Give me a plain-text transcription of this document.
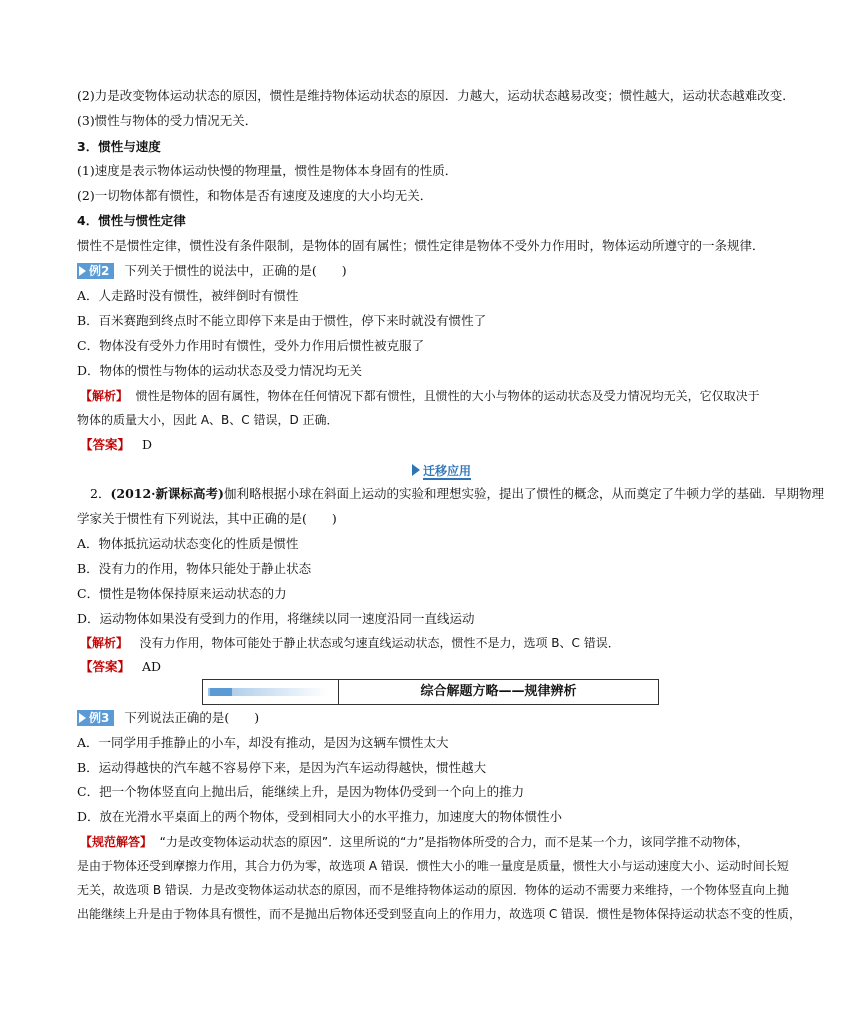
(2)力是改变物体运动状态的原因，惯性是维持物体运动状态的原因．力越大，运动状态越易改变；惯性越大，运动状态越难改变．
(3)惯性与物体的受力情况无关．
3．惯性与速度
(1)速度是表示物体运动快慢的物理量，惯性是物体本身固有的性质．
(2)一切物体都有惯性，和物体是否有速度及速度的大小均无关．
4．惯性与惯性定律
惯性不是惯性定律，惯性没有条件限制，是物体的固有属性；惯性定律是物体不受外力作用时，物体运动所遵守的一条规律．
例2 下列关于惯性的说法中，正确的是(　　)
A．人走路时没有惯性，被绊倒时有惯性
B．百米赛跑到终点时不能立即停下来是由于惯性，停下来时就没有惯性了
C．物体没有受外力作用时有惯性，受外力作用后惯性被克服了
D．物体的惯性与物体的运动状态及受力情况均无关
【解析】 惯性是物体的固有属性，物体在任何情况下都有惯性，且惯性的大小与物体的运动状态及受力情况均无关，它仅取决于
物体的质量大小，因此 A、B、C 错误，D 正确．
【答案】 D
迁移应用
2．(2012·新课标高考)伽利略根据小球在斜面上运动的实验和理想实验，提出了惯性的概念，从而奠定了牛顿力学的基础．早期物理
学家关于惯性有下列说法，其中正确的是(　　)
A．物体抵抗运动状态变化的性质是惯性
B．没有力的作用，物体只能处于静止状态
C．惯性是物体保持原来运动状态的力
D．运动物体如果没有受到力的作用，将继续以同一速度沿同一直线运动
【解析】 没有力作用，物体可能处于静止状态或匀速直线运动状态，惯性不是力，选项 B、C 错误．
【答案】 AD
综合解题方略——规律辨析
例3 下列说法正确的是(　　)
A．一同学用手推静止的小车，却没有推动，是因为这辆车惯性太大
B．运动得越快的汽车越不容易停下来，是因为汽车运动得越快，惯性越大
C．把一个物体竖直向上抛出后，能继续上升，是因为物体仍受到一个向上的推力
D．放在光滑水平桌面上的两个物体，受到相同大小的水平推力，加速度大的物体惯性小
【规范解答】 “力是改变物体运动状态的原因”．这里所说的“力”是指物体所受的合力，而不是某一个力，该同学推不动物体，
是由于物体还受到摩擦力作用，其合力仍为零，故选项 A 错误．惯性大小的唯一量度是质量，惯性大小与运动速度大小、运动时间长短
无关，故选项 B 错误．力是改变物体运动状态的原因，而不是维持物体运动的原因．物体的运动不需要力来维持，一个物体竖直向上抛
出能继续上升是由于物体具有惯性，而不是抛出后物体还受到竖直向上的作用力，故选项 C 错误．惯性是物体保持运动状态不变的性质，
